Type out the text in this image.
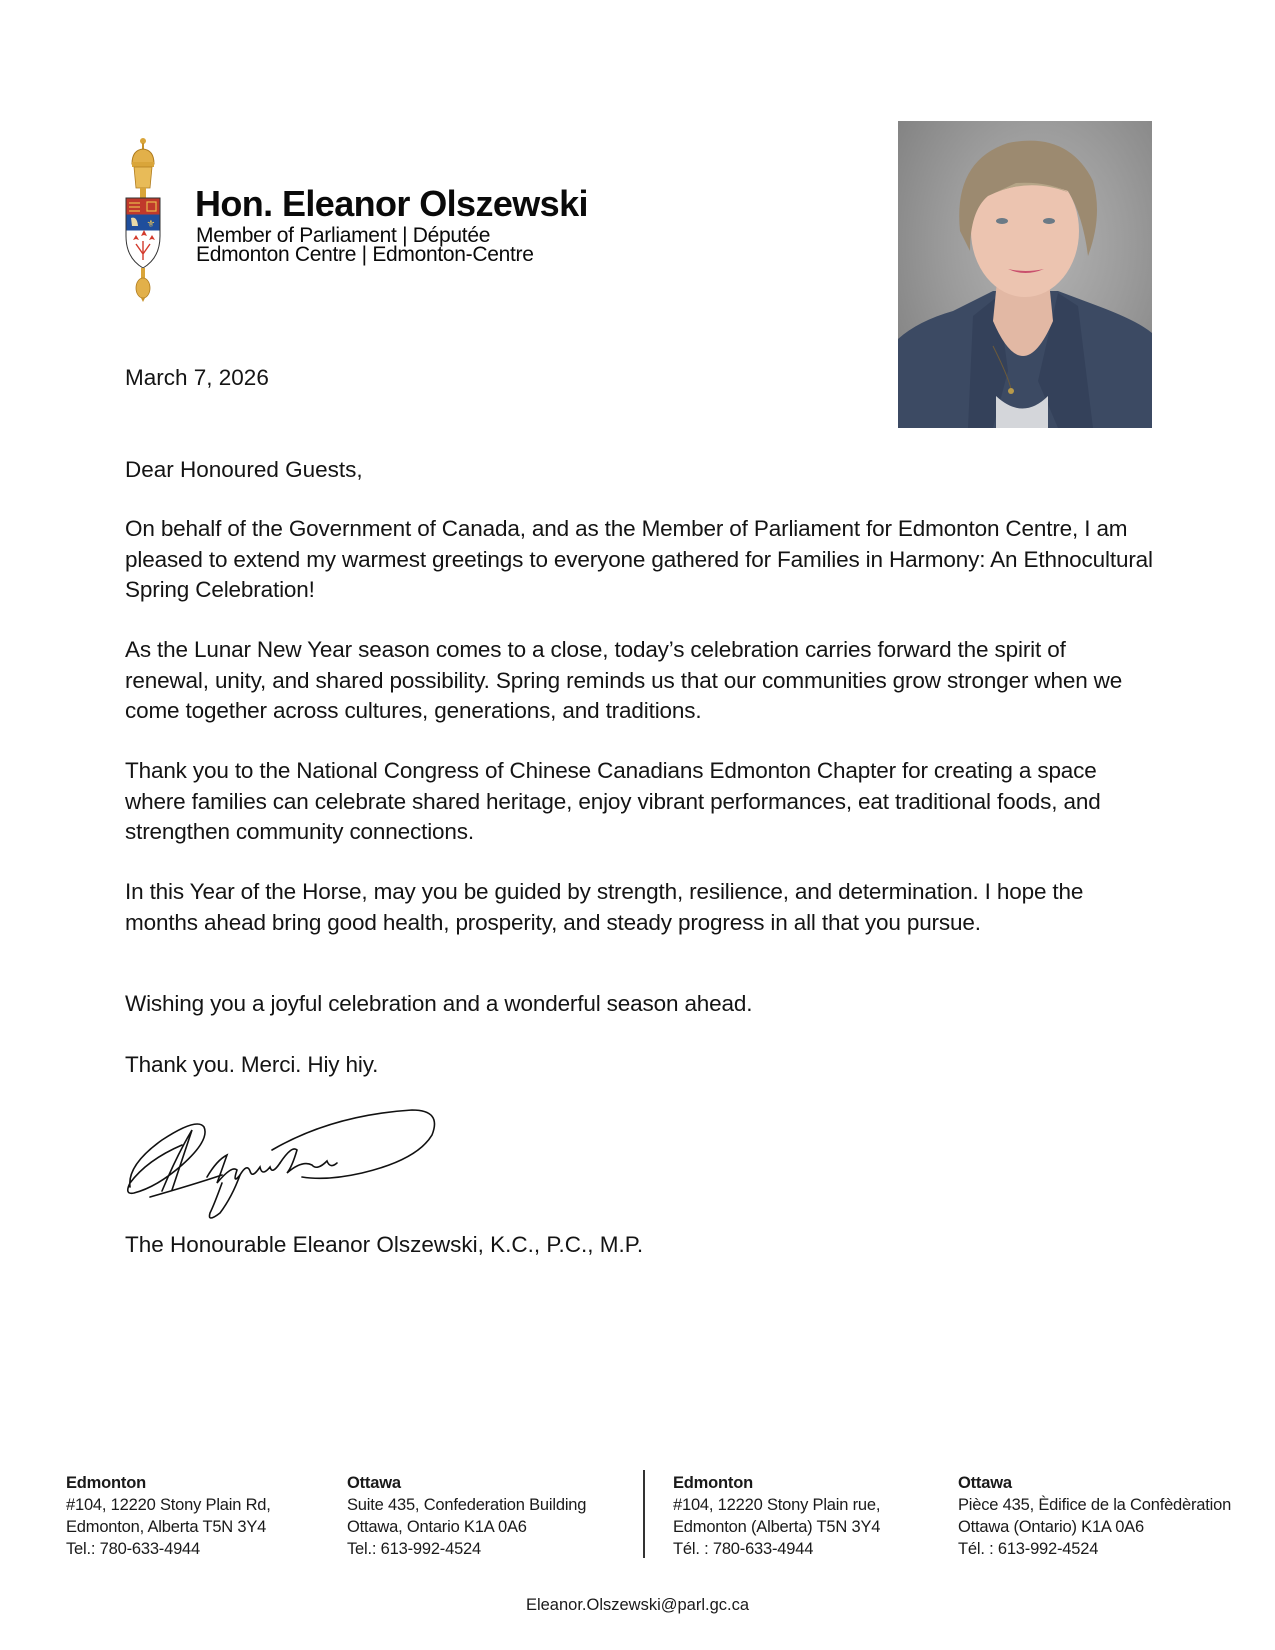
⚜
Hon. Eleanor Olszewski
Member of Parliament | Députée
Edmonton Centre | Edmonton-Centre
March 7, 2026
Dear Honoured Guests,
On behalf of the Government of Canada, and as the Member of Parliament for Edmonton Centre, I am pleased to extend my warmest greetings to everyone gathered for Families in Harmony: An Ethnocultural Spring Celebration!
As the Lunar New Year season comes to a close, today’s celebration carries forward the spirit of renewal, unity, and shared possibility. Spring reminds us that our communities grow stronger when we come together across cultures, generations, and traditions.
Thank you to the National Congress of Chinese Canadians Edmonton Chapter for creating a space where families can celebrate shared heritage, enjoy vibrant performances, eat traditional foods, and strengthen community connections.
In this Year of the Horse, may you be guided by strength, resilience, and determination. I hope the months ahead bring good health, prosperity, and steady progress in all that you pursue.
Wishing you a joyful celebration and a wonderful season ahead.
Thank you. Merci. Hiy hiy.
The Honourable Eleanor Olszewski, K.C., P.C., M.P.
Edmonton
#104, 12220 Stony Plain Rd,
Edmonton, Alberta T5N 3Y4
Tel.: 780-633-4944
Ottawa
Suite 435, Confederation Building
Ottawa, Ontario K1A 0A6
Tel.: 613-992-4524
Edmonton
#104, 12220 Stony Plain rue,
Edmonton (Alberta) T5N 3Y4
Tél. : 780-633-4944
Ottawa
Pièce 435, Èdifice de la Confèdèration
Ottawa (Ontario) K1A 0A6
Tél. : 613-992-4524
Eleanor.Olszewski@parl.gc.ca
